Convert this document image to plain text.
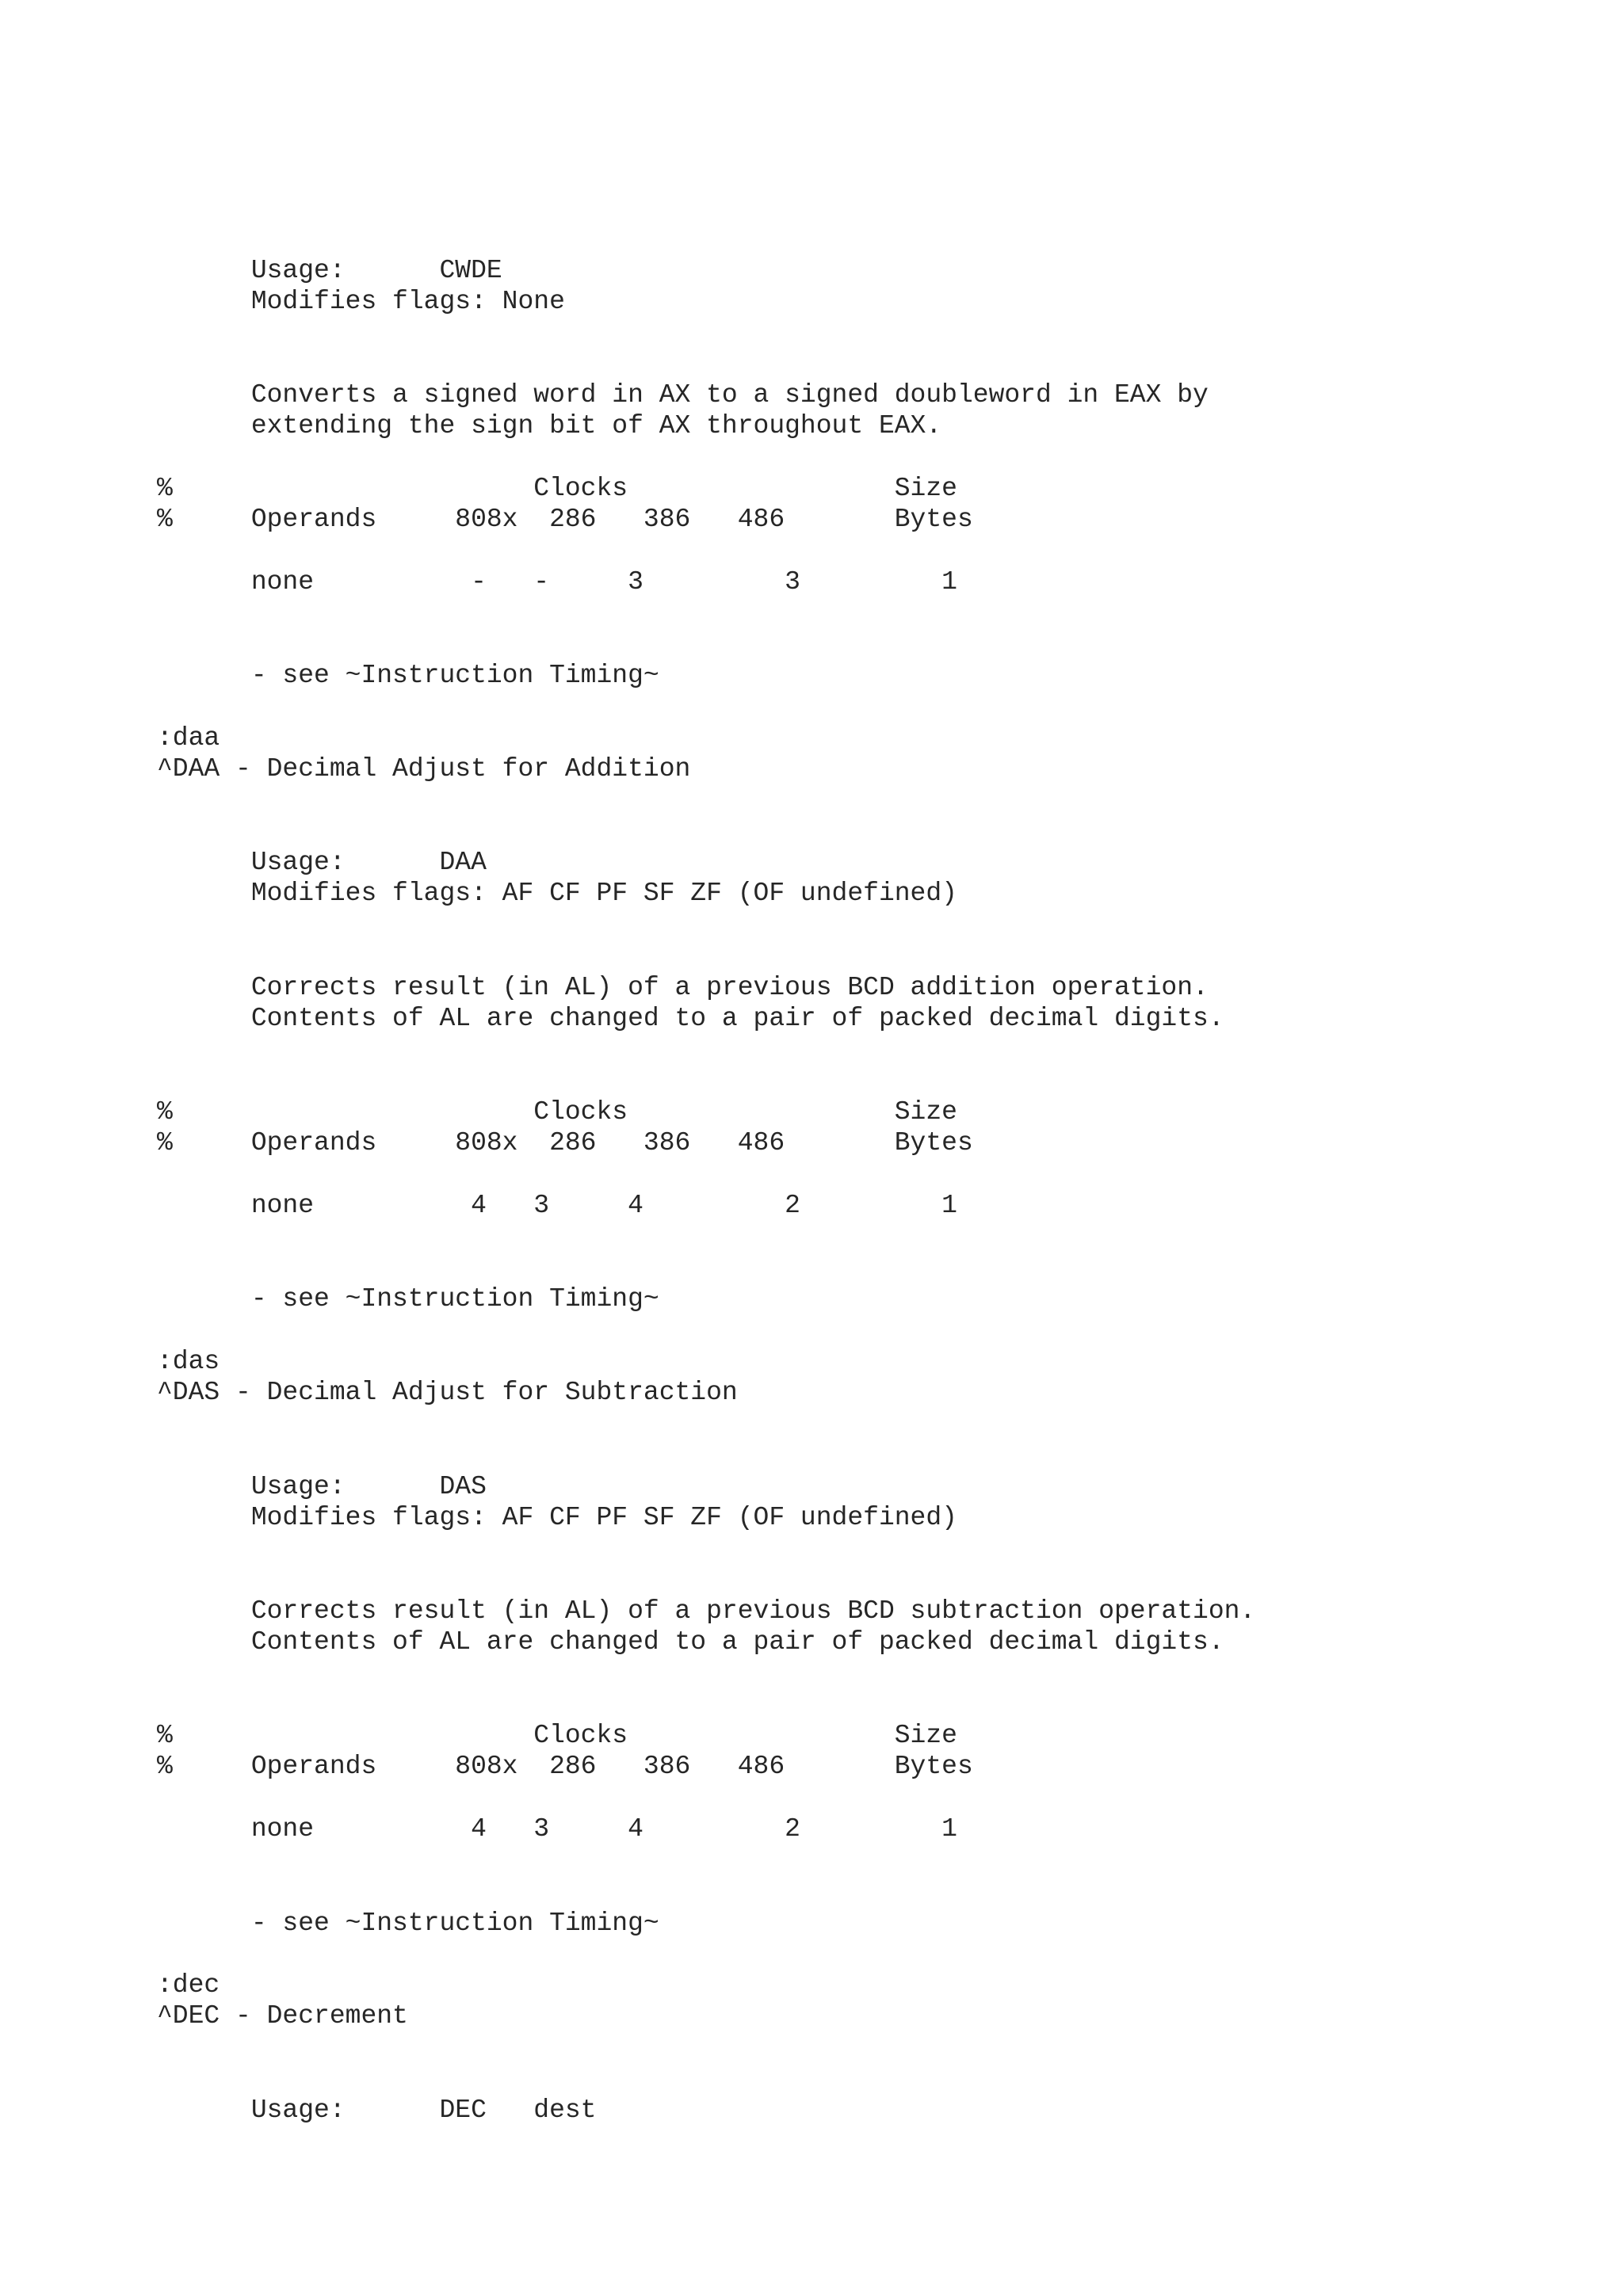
Usage:      CWDE
Modifies flags: None
Converts a signed word in AX to a signed doubleword in EAX by
extending the sign bit of AX throughout EAX.
%                       Clocks                 Size
%     Operands     808x  286   386   486       Bytes
none          -   -     3         3         1
- see ~Instruction Timing~
:daa
^DAA - Decimal Adjust for Addition
Usage:      DAA
Modifies flags: AF CF PF SF ZF (OF undefined)
Corrects result (in AL) of a previous BCD addition operation.
Contents of AL are changed to a pair of packed decimal digits.
%                       Clocks                 Size
%     Operands     808x  286   386   486       Bytes
none          4   3     4         2         1
- see ~Instruction Timing~
:das
^DAS - Decimal Adjust for Subtraction
Usage:      DAS
Modifies flags: AF CF PF SF ZF (OF undefined)
Corrects result (in AL) of a previous BCD subtraction operation.
Contents of AL are changed to a pair of packed decimal digits.
%                       Clocks                 Size
%     Operands     808x  286   386   486       Bytes
none          4   3     4         2         1
- see ~Instruction Timing~
:dec
^DEC - Decrement
Usage:      DEC   dest
